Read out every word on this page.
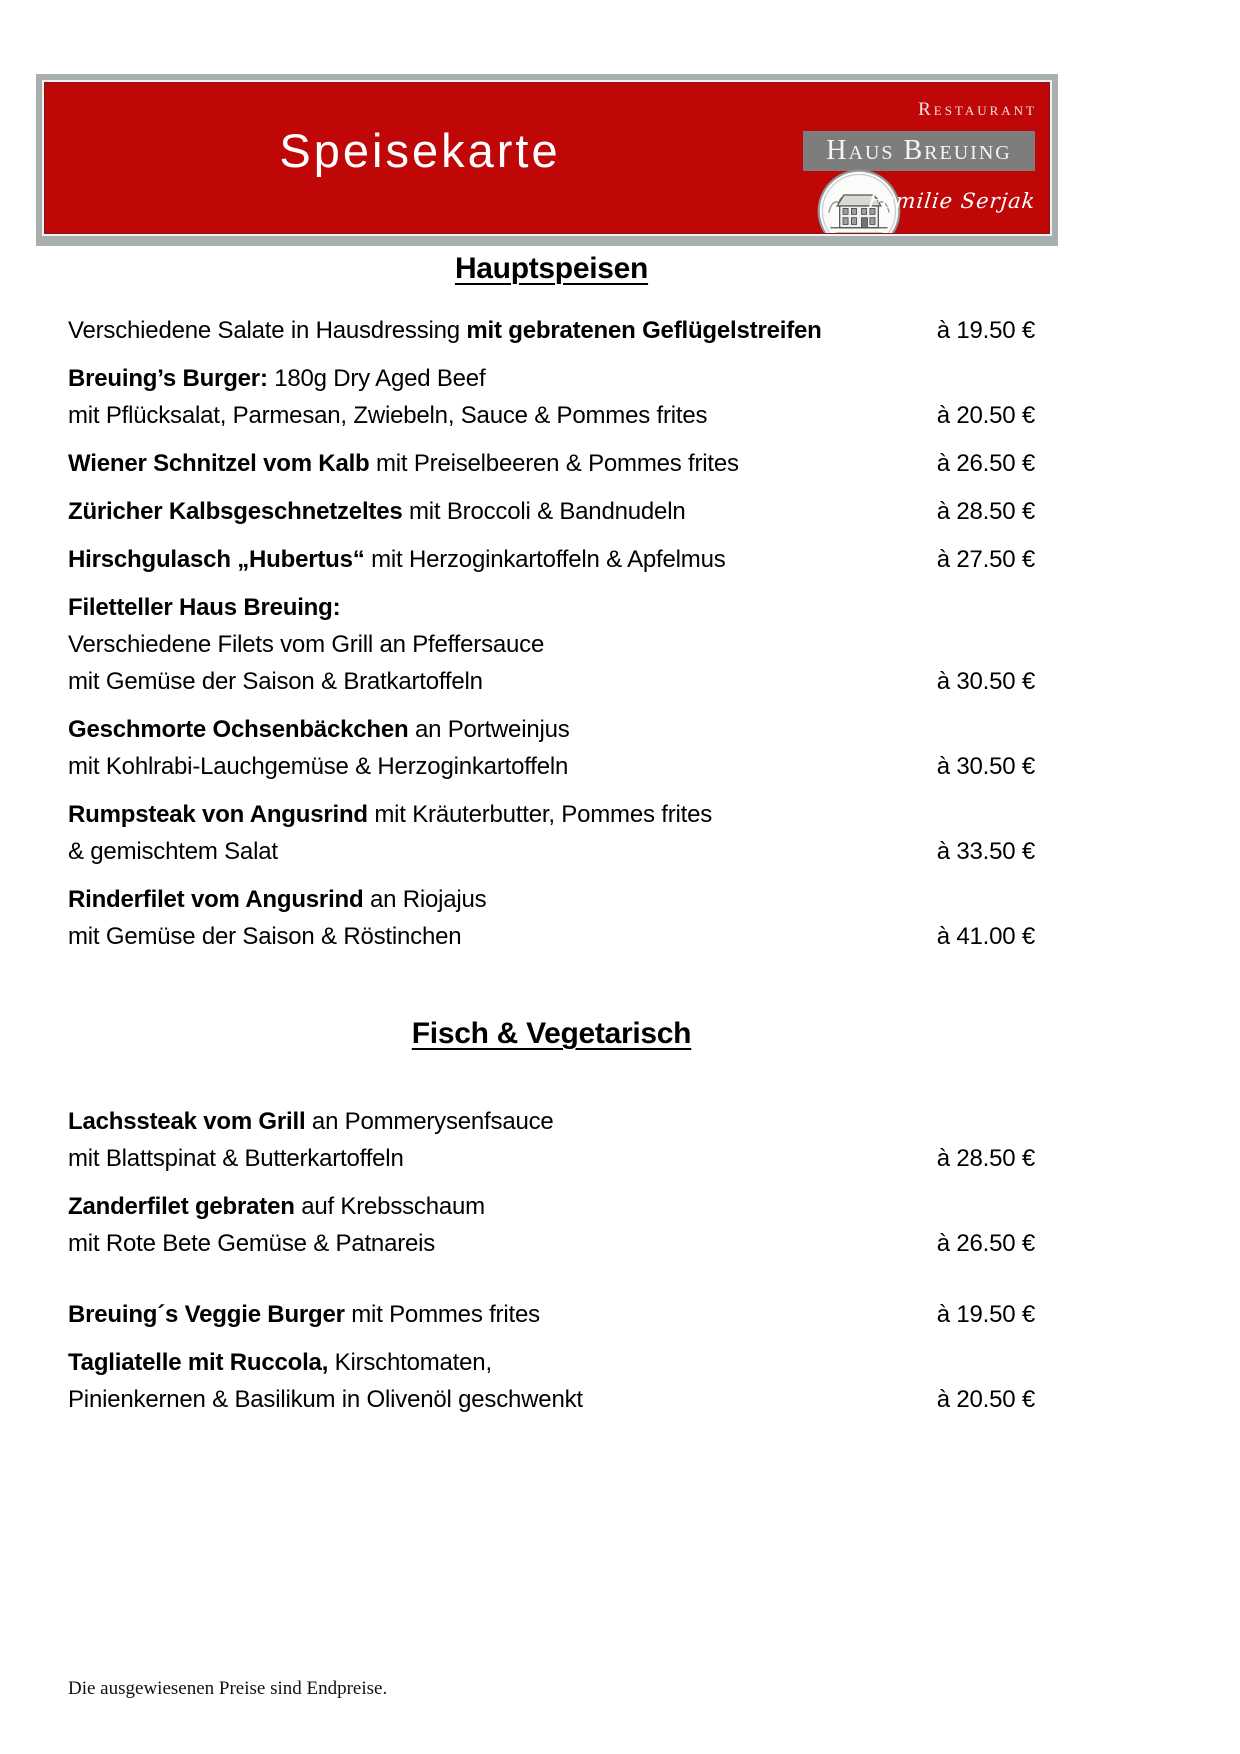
Speisekarte
Restaurant
Haus Breuing
Familie Serjak
Hauptspeisen
Verschiedene Salate in Hausdressing mit gebratenen Geflügelstreifen	à 19.50 €
Breuing’s Burger: 180g Dry Aged Beef
mit Pflücksalat, Parmesan, Zwiebeln, Sauce & Pommes frites	à 20.50 €
Wiener Schnitzel vom Kalb mit Preiselbeeren & Pommes frites	à 26.50 €
Züricher Kalbsgeschnetzeltes mit Broccoli & Bandnudeln	à 28.50 €
Hirschgulasch „Hubertus“ mit Herzoginkartoffeln & Apfelmus	à 27.50 €
Filetteller Haus Breuing:
Verschiedene Filets vom Grill an Pfeffersauce
mit Gemüse der Saison & Bratkartoffeln	à 30.50 €
Geschmorte Ochsenbäckchen an Portweinjus
mit Kohlrabi-Lauchgemüse & Herzoginkartoffeln	à 30.50 €
Rumpsteak von Angusrind mit Kräuterbutter, Pommes frites
& gemischtem Salat	à 33.50 €
Rinderfilet vom Angusrind an Riojajus
mit Gemüse der Saison & Röstinchen	à 41.00 €
Fisch & Vegetarisch
Lachssteak vom Grill an Pommerysenfsauce
mit Blattspinat & Butterkartoffeln	à 28.50 €
Zanderfilet gebraten auf Krebsschaum
mit Rote Bete Gemüse & Patnareis	à 26.50 €
Breuing´s Veggie Burger mit Pommes frites	à 19.50 €
Tagliatelle mit Ruccola, Kirschtomaten,
Pinienkernen & Basilikum in Olivenöl geschwenkt	à 20.50 €
Die ausgewiesenen Preise sind Endpreise.
